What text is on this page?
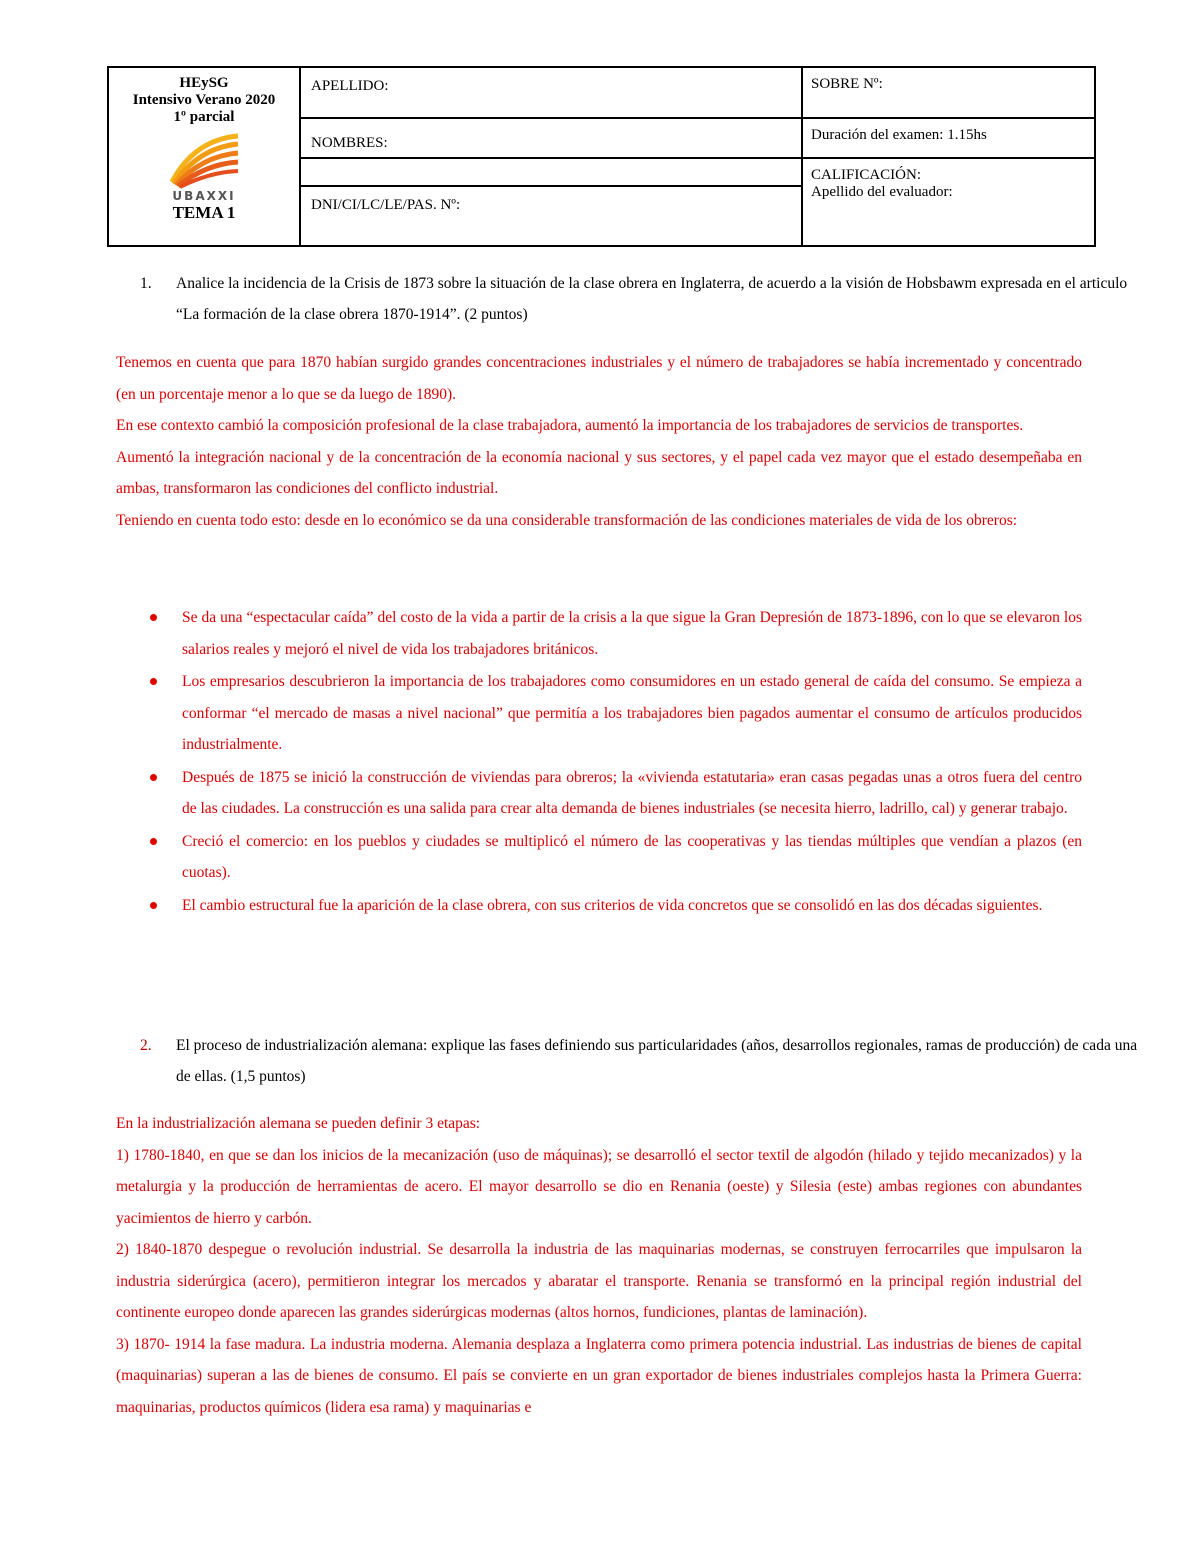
HEySG
Intensivo Verano 2020
1º parcial
UBAXXI
TEMA 1	APELLIDO:	SOBRE Nº:
	NOMBRES:	Duración del examen: 1.15hs

	DNI/CI/LC/LE/PAS. Nº:	CALIFICACIÓN:
Apellido del evaluador:
1. Analice la incidencia de la Crisis de 1873 sobre la situación de la clase obrera en Inglaterra, de acuerdo a la visión de Hobsbawm expresada en el articulo “La formación de la clase obrera 1870-1914”. (2 puntos)

Tenemos en cuenta que para 1870 habían surgido grandes concentraciones industriales y el número de trabajadores se había incrementado y concentrado (en un porcentaje menor a lo que se da luego de 1890).

En ese contexto cambió la composición profesional de la clase trabajadora, aumentó la importancia de los trabajadores de servicios de transportes.

Aumentó la integración nacional y de la concentración de la economía nacional y sus sectores, y el papel cada vez mayor que el estado desempeñaba en ambas, transformaron las condiciones del conflicto industrial.

Teniendo en cuenta todo esto: desde en lo económico se da una considerable transformación de las condiciones materiales de vida de los obreros:

Se da una “espectacular caída” del costo de la vida a partir de la crisis a la que sigue la Gran Depresión de 1873-1896, con lo que se elevaron los salarios reales y mejoró el nivel de vida los trabajadores británicos.
Los empresarios descubrieron la importancia de los trabajadores como consumidores en un estado general de caída del consumo. Se empieza a conformar “el mercado de masas a nivel nacional” que permitía a los trabajadores bien pagados aumentar el consumo de artículos producidos industrialmente.
Después de 1875 se inició la construcción de viviendas para obreros; la «vivienda estatutaria» eran casas pegadas unas a otros fuera del centro de las ciudades. La construcción es una salida para crear alta demanda de bienes industriales (se necesita hierro, ladrillo, cal) y generar trabajo.
Creció el comercio: en los pueblos y ciudades se multiplicó el número de las cooperativas y las tiendas múltiples que vendían a plazos (en cuotas).
El cambio estructural fue la aparición de la clase obrera, con sus criterios de vida concretos que se consolidó en las dos décadas siguientes.
2. El proceso de industrialización alemana: explique las fases definiendo sus particularidades (años, desarrollos regionales, ramas de producción) de cada una de ellas. (1,5 puntos)

En la industrialización alemana se pueden definir 3 etapas:

1) 1780-1840, en que se dan los inicios de la mecanización (uso de máquinas); se desarrolló el sector textil de algodón (hilado y tejido mecanizados) y la metalurgia y la producción de herramientas de acero. El mayor desarrollo se dio en Renania (oeste) y Silesia (este) ambas regiones con abundantes yacimientos de hierro y carbón.

2) 1840-1870 despegue o revolución industrial. Se desarrolla la industria de las maquinarias modernas, se construyen ferrocarriles que impulsaron la industria siderúrgica (acero), permitieron integrar los mercados y abaratar el transporte. Renania se transformó en la principal región industrial del continente europeo donde aparecen las grandes siderúrgicas modernas (altos hornos, fundiciones, plantas de laminación).

3) 1870- 1914 la fase madura. La industria moderna. Alemania desplaza a Inglaterra como primera potencia industrial. Las industrias de bienes de capital (maquinarias) superan a las de bienes de consumo. El país se convierte en un gran exportador de bienes industriales complejos hasta la Primera Guerra: maquinarias, productos químicos (lidera esa rama) y maquinarias e
